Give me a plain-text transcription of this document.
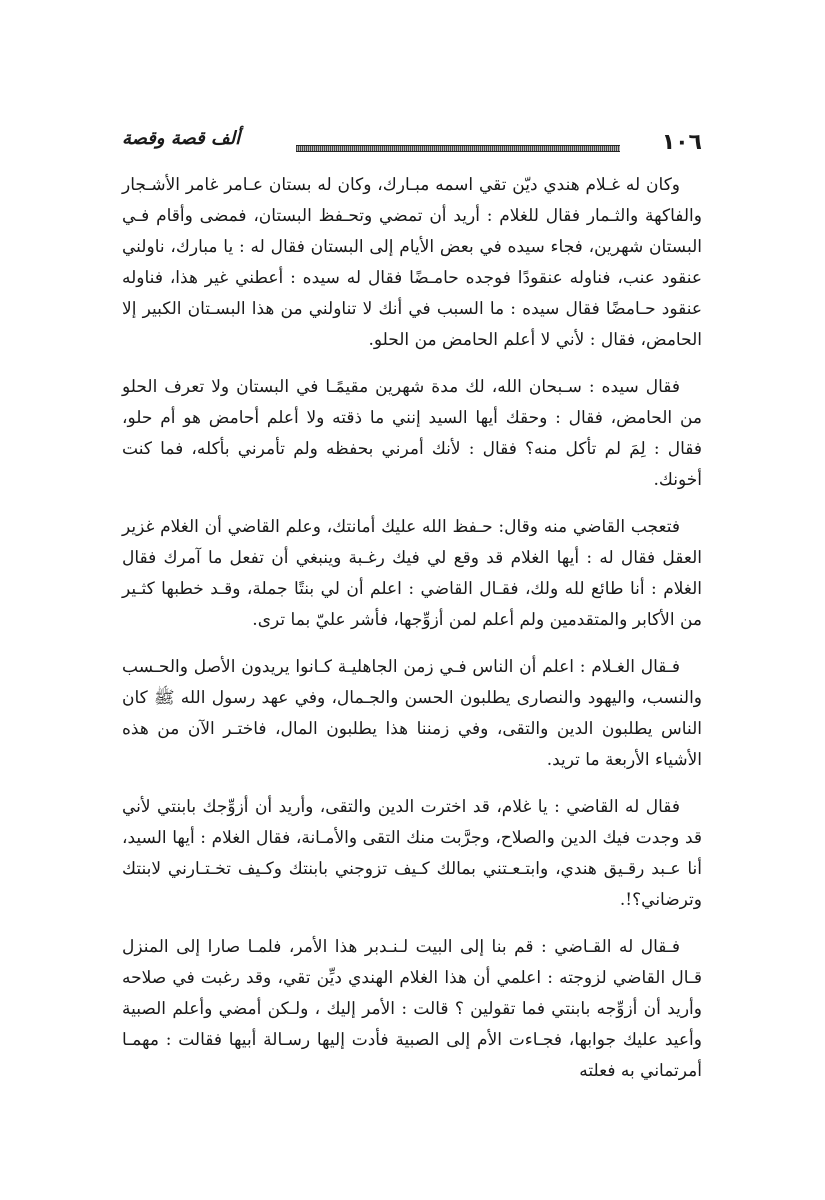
١٠٦
ألف قصة وقصة

وكان له غـلام هندي ديّن تقي اسمه مبـارك، وكان له بستان عـامر غامر الأشـجار والفاكهة والثـمار فقال للغلام : أريد أن تمضي وتحـفظ البستان، فمضى وأقام فـي البستان شهرين، فجاء سيده في بعض الأيام إلى البستان فقال له : يا مبارك، ناولني عنقود عنب، فناوله عنقودًا فوجده حامـضًا فقال له سيده : أعطني غير هذا، فناوله عنقود حـامضًا فقال سيده : ما السبب في أنك لا تناولني من هذا البسـتان الكبير إلا الحامض، فقال : لأني لا أعلم الحامض من الحلو.

فقال سيده : سـبحان الله، لك مدة شهرين مقيمًـا في البستان ولا تعرف الحلو من الحامض، فقال : وحقك أيها السيد إنني ما ذقته ولا أعلم أحامض هو أم حلو، فقال : لِمَ لم تأكل منه؟ فقال : لأنك أمرني بحفظه ولم تأمرني بأكله، فما كنت أخونك.

فتعجب القاضي منه وقال: حـفظ الله عليك أمانتك، وعلم القاضي أن الغلام غزير العقل فقال له : أيها الغلام قد وقع لي فيك رغـبة وينبغي أن تفعل ما آمرك فقال الغلام : أنا طائع لله ولك، فقـال القاضي : اعلم أن لي بنتًا جملة، وقـد خطبها كثـير من الأكابر والمتقدمين ولم أعلم لمن أزوِّجها، فأشر عليّ بما ترى.

فـقال الغـلام : اعلم أن الناس فـي زمن الجاهليـة كـانوا يريدون الأصل والحـسب والنسب، واليهود والنصارى يطلبون الحسن والجـمال، وفي عهد رسول الله ﷺ كان الناس يطلبون الدين والتقى، وفي زمننا هذا يطلبون المال، فاختـر الآن من هذه الأشياء الأربعة ما تريد.

فقال له القاضي : يا غلام، قد اخترت الدين والتقى، وأريد أن أزوِّجك بابنتي لأني قد وجدت فيك الدين والصلاح، وجرَّبت منك التقى والأمـانة، فقال الغلام : أيها السيد، أنا عـبد رقـيق هندي، وابتـعـتني بمالك كـيف تزوجني بابنتك وكـيف تخـتـارني لابنتك وترضاني؟!.

فـقال له القـاضي : قم بنا إلى البيت لـنـدبر هذا الأمر، فلمـا صارا إلى المنزل قـال القاضي لزوجته : اعلمي أن هذا الغلام الهندي ديِّن تقي، وقد رغبت في صلاحه وأريد أن أزوِّجه بابنتي فما تقولين ؟ قالت : الأمر إليك ، ولـكن أمضي وأعلم الصبية وأعيد عليك جوابها، فجـاءت الأم إلى الصبية فأدت إليها رسـالة أبيها فقالت : مهمـا أمرتماني به فعلته
